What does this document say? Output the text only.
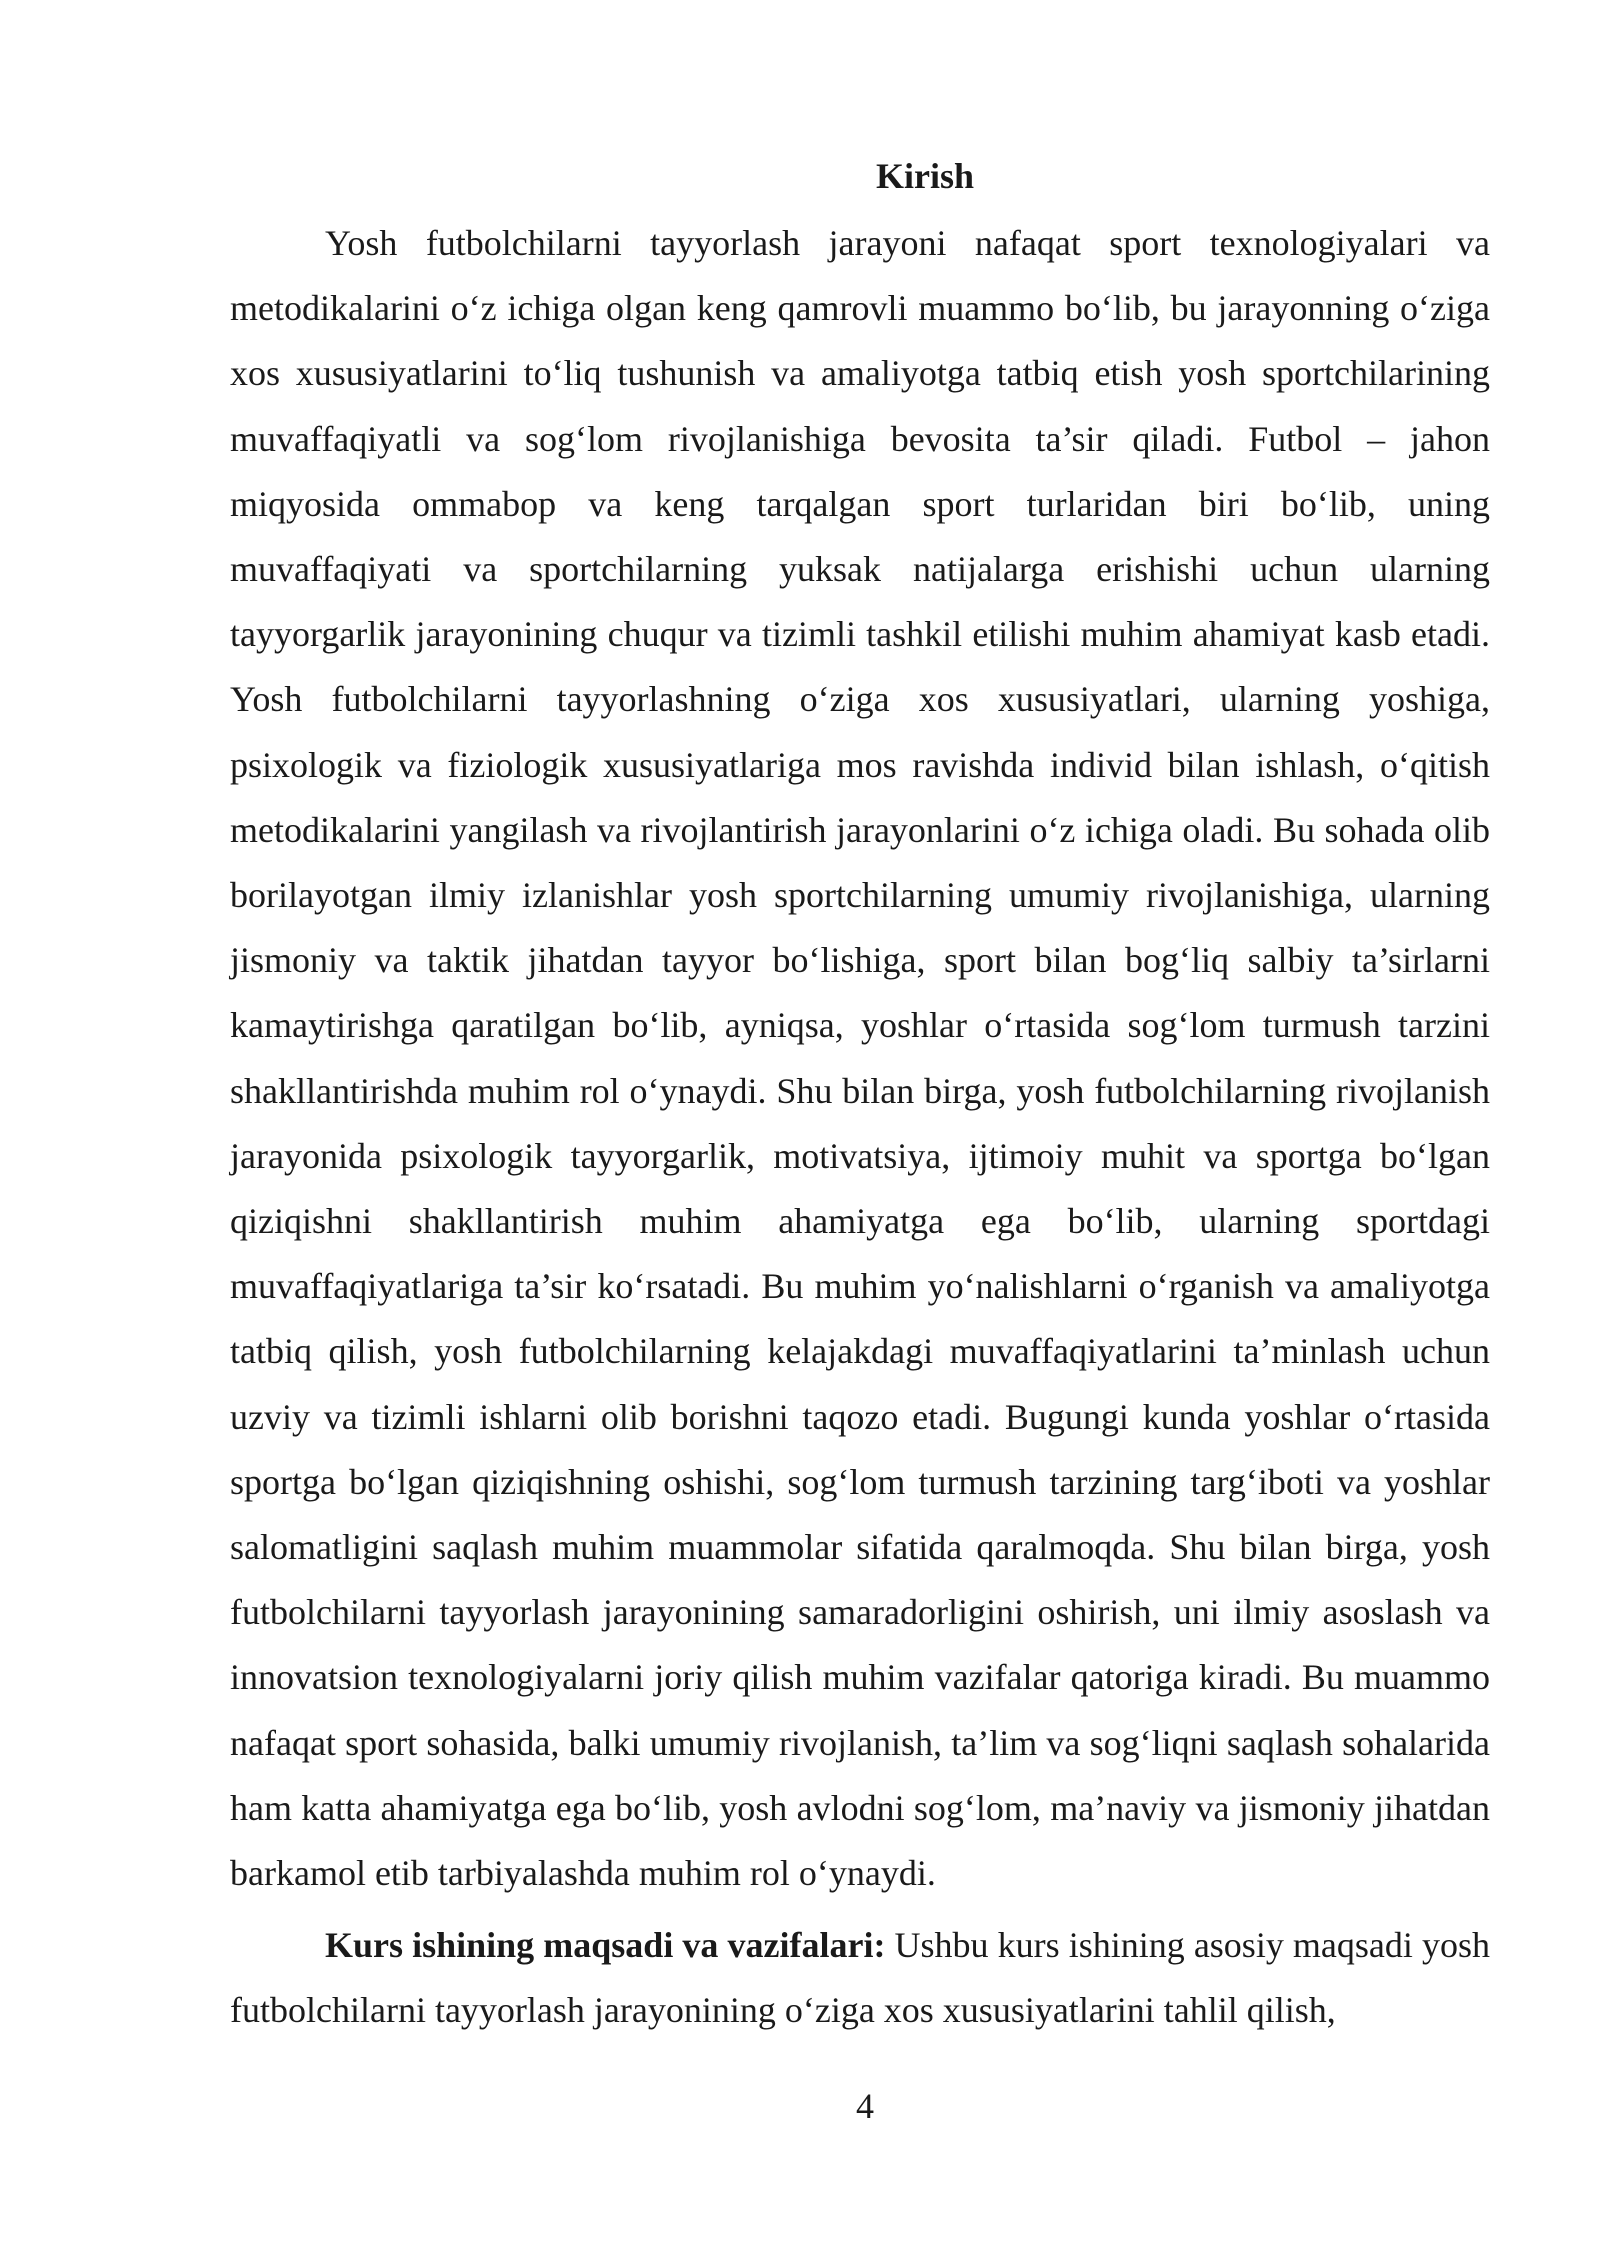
Kirish

Yosh futbolchilarni tayyorlash jarayoni nafaqat sport texnologiyalari va metodikalarini o‘z ichiga olgan keng qamrovli muammo bo‘lib, bu jarayonning o‘ziga xos xususiyatlarini to‘liq tushunish va amaliyotga tatbiq etish yosh sportchilarining muvaffaqiyatli va sog‘lom rivojlanishiga bevosita ta’sir qiladi. Futbol – jahon miqyosida ommabop va keng tarqalgan sport turlaridan biri bo‘lib, uning muvaffaqiyati va sportchilarning yuksak natijalarga erishishi uchun ularning tayyorgarlik jarayonining chuqur va tizimli tashkil etilishi muhim ahamiyat kasb etadi. Yosh futbolchilarni tayyorlashning o‘ziga xos xususiyatlari, ularning yoshiga, psixologik va fiziologik xususiyatlariga mos ravishda individ bilan ishlash, o‘qitish metodikalarini yangilash va rivojlantirish jarayonlarini o‘z ichiga oladi. Bu sohada olib borilayotgan ilmiy izlanishlar yosh sportchilarning umumiy rivojlanishiga, ularning jismoniy va taktik jihatdan tayyor bo‘lishiga, sport bilan bog‘liq salbiy ta’sirlarni kamaytirishga qaratilgan bo‘lib, ayniqsa, yoshlar o‘rtasida sog‘lom turmush tarzini shakllantirishda muhim rol o‘ynaydi. Shu bilan birga, yosh futbolchilarning rivojlanish jarayonida psixologik tayyorgarlik, motivatsiya, ijtimoiy muhit va sportga bo‘lgan qiziqishni shakllantirish muhim ahamiyatga ega bo‘lib, ularning sportdagi muvaffaqiyatlariga ta’sir ko‘rsatadi. Bu muhim yo‘nalishlarni o‘rganish va amaliyotga tatbiq qilish, yosh futbolchilarning kelajakdagi muvaffaqiyatlarini ta’minlash uchun uzviy va tizimli ishlarni olib borishni taqozo etadi. Bugungi kunda yoshlar o‘rtasida sportga bo‘lgan qiziqishning oshishi, sog‘lom turmush tarzining targ‘iboti va yoshlar salomatligini saqlash muhim muammolar sifatida qaralmoqda. Shu bilan birga, yosh futbolchilarni tayyorlash jarayonining samaradorligini oshirish, uni ilmiy asoslash va innovatsion texnologiyalarni joriy qilish muhim vazifalar qatoriga kiradi. Bu muammo nafaqat sport sohasida, balki umumiy rivojlanish, ta’lim va sog‘liqni saqlash sohalarida ham katta ahamiyatga ega bo‘lib, yosh avlodni sog‘lom, ma’naviy va jismoniy jihatdan barkamol etib tarbiyalashda muhim rol o‘ynaydi.

Kurs ishining maqsadi va vazifalari: Ushbu kurs ishining asosiy maqsadi yosh futbolchilarni tayyorlash jarayonining o‘ziga xos xususiyatlarini tahlil qilish,

4
